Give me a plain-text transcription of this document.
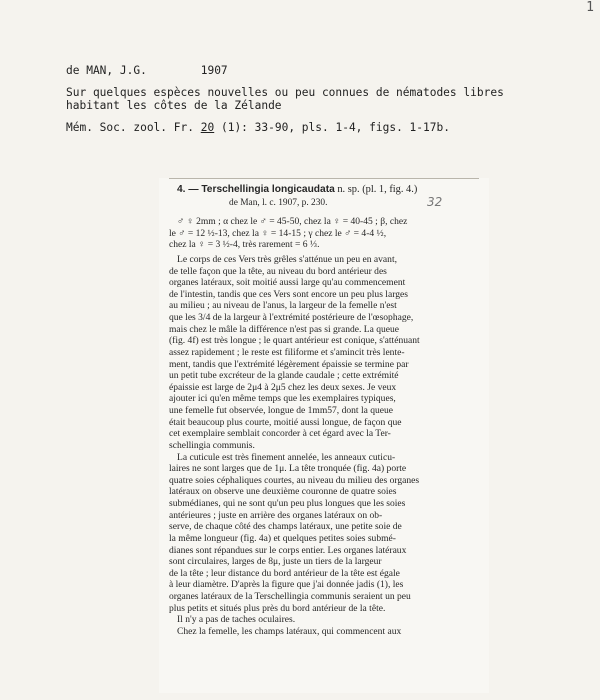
1
de MAN, J.G.	1907
Sur quelques espèces nouvelles ou peu connues de nématodes libres
habitant les côtes de la Zélande
Mém. Soc. zool. Fr. 20 (1): 33-90, pls. 1-4, figs. 1-17b.
4. — Terschellingia longicaudata n. sp. (pl. 1, fig. 4.)
de Man, l. c. 1907, p. 230.	32
♂ ♀ 2mm ; α chez le ♂ = 45-50, chez la ♀ = 40-45 ; β, chez
le ♂ = 12 ½-13, chez la ♀ = 14-15 ; γ chez le ♂ = 4-4 ½,
chez la ♀ = 3 ½-4, très rarement = 6 ⅓.
Le corps de ces Vers très grêles s'atténue un peu en avant,
de telle façon que la tête, au niveau du bord antérieur des
organes latéraux, soit moitié aussi large qu'au commencement
de l'intestin, tandis que ces Vers sont encore un peu plus larges
au milieu ; au niveau de l'anus, la largeur de la femelle n'est
que les 3/4 de la largeur à l'extrémité postérieure de l'œsophage,
mais chez le mâle la différence n'est pas si grande. La queue
(fig. 4f) est très longue ; le quart antérieur est conique, s'atténuant
assez rapidement ; le reste est filiforme et s'amincit très lente-
ment, tandis que l'extrémité légèrement épaissie se termine par
un petit tube excréteur de la glande caudale ; cette extrémité
épaissie est large de 2μ4 à 2μ5 chez les deux sexes. Je veux
ajouter ici qu'en même temps que les exemplaires typiques,
une femelle fut observée, longue de 1mm57, dont la queue
était beaucoup plus courte, moitié aussi longue, de façon que
cet exemplaire semblait concorder à cet égard avec la Ter-
schellingia communis.
La cuticule est très finement annelée, les anneaux cuticu-
laires ne sont larges que de 1μ. La tête tronquée (fig. 4a) porte
quatre soies céphaliques courtes, au niveau du milieu des organes
latéraux on observe une deuxième couronne de quatre soies
submédianes, qui ne sont qu'un peu plus longues que les soies
antérieures ; juste en arrière des organes latéraux on ob-
serve, de chaque côté des champs latéraux, une petite soie de
la même longueur (fig. 4a) et quelques petites soies submé-
dianes sont répandues sur le corps entier. Les organes latéraux
sont circulaires, larges de 8μ, juste un tiers de la largeur
de la tête ; leur distance du bord antérieur de la tête est égale
à leur diamètre. D'après la figure que j'ai donnée jadis (1), les
organes latéraux de la Terschellingia communis seraient un peu
plus petits et situés plus près du bord antérieur de la tête.
Il n'y a pas de taches oculaires.
Chez la femelle, les champs latéraux, qui commencent aux
